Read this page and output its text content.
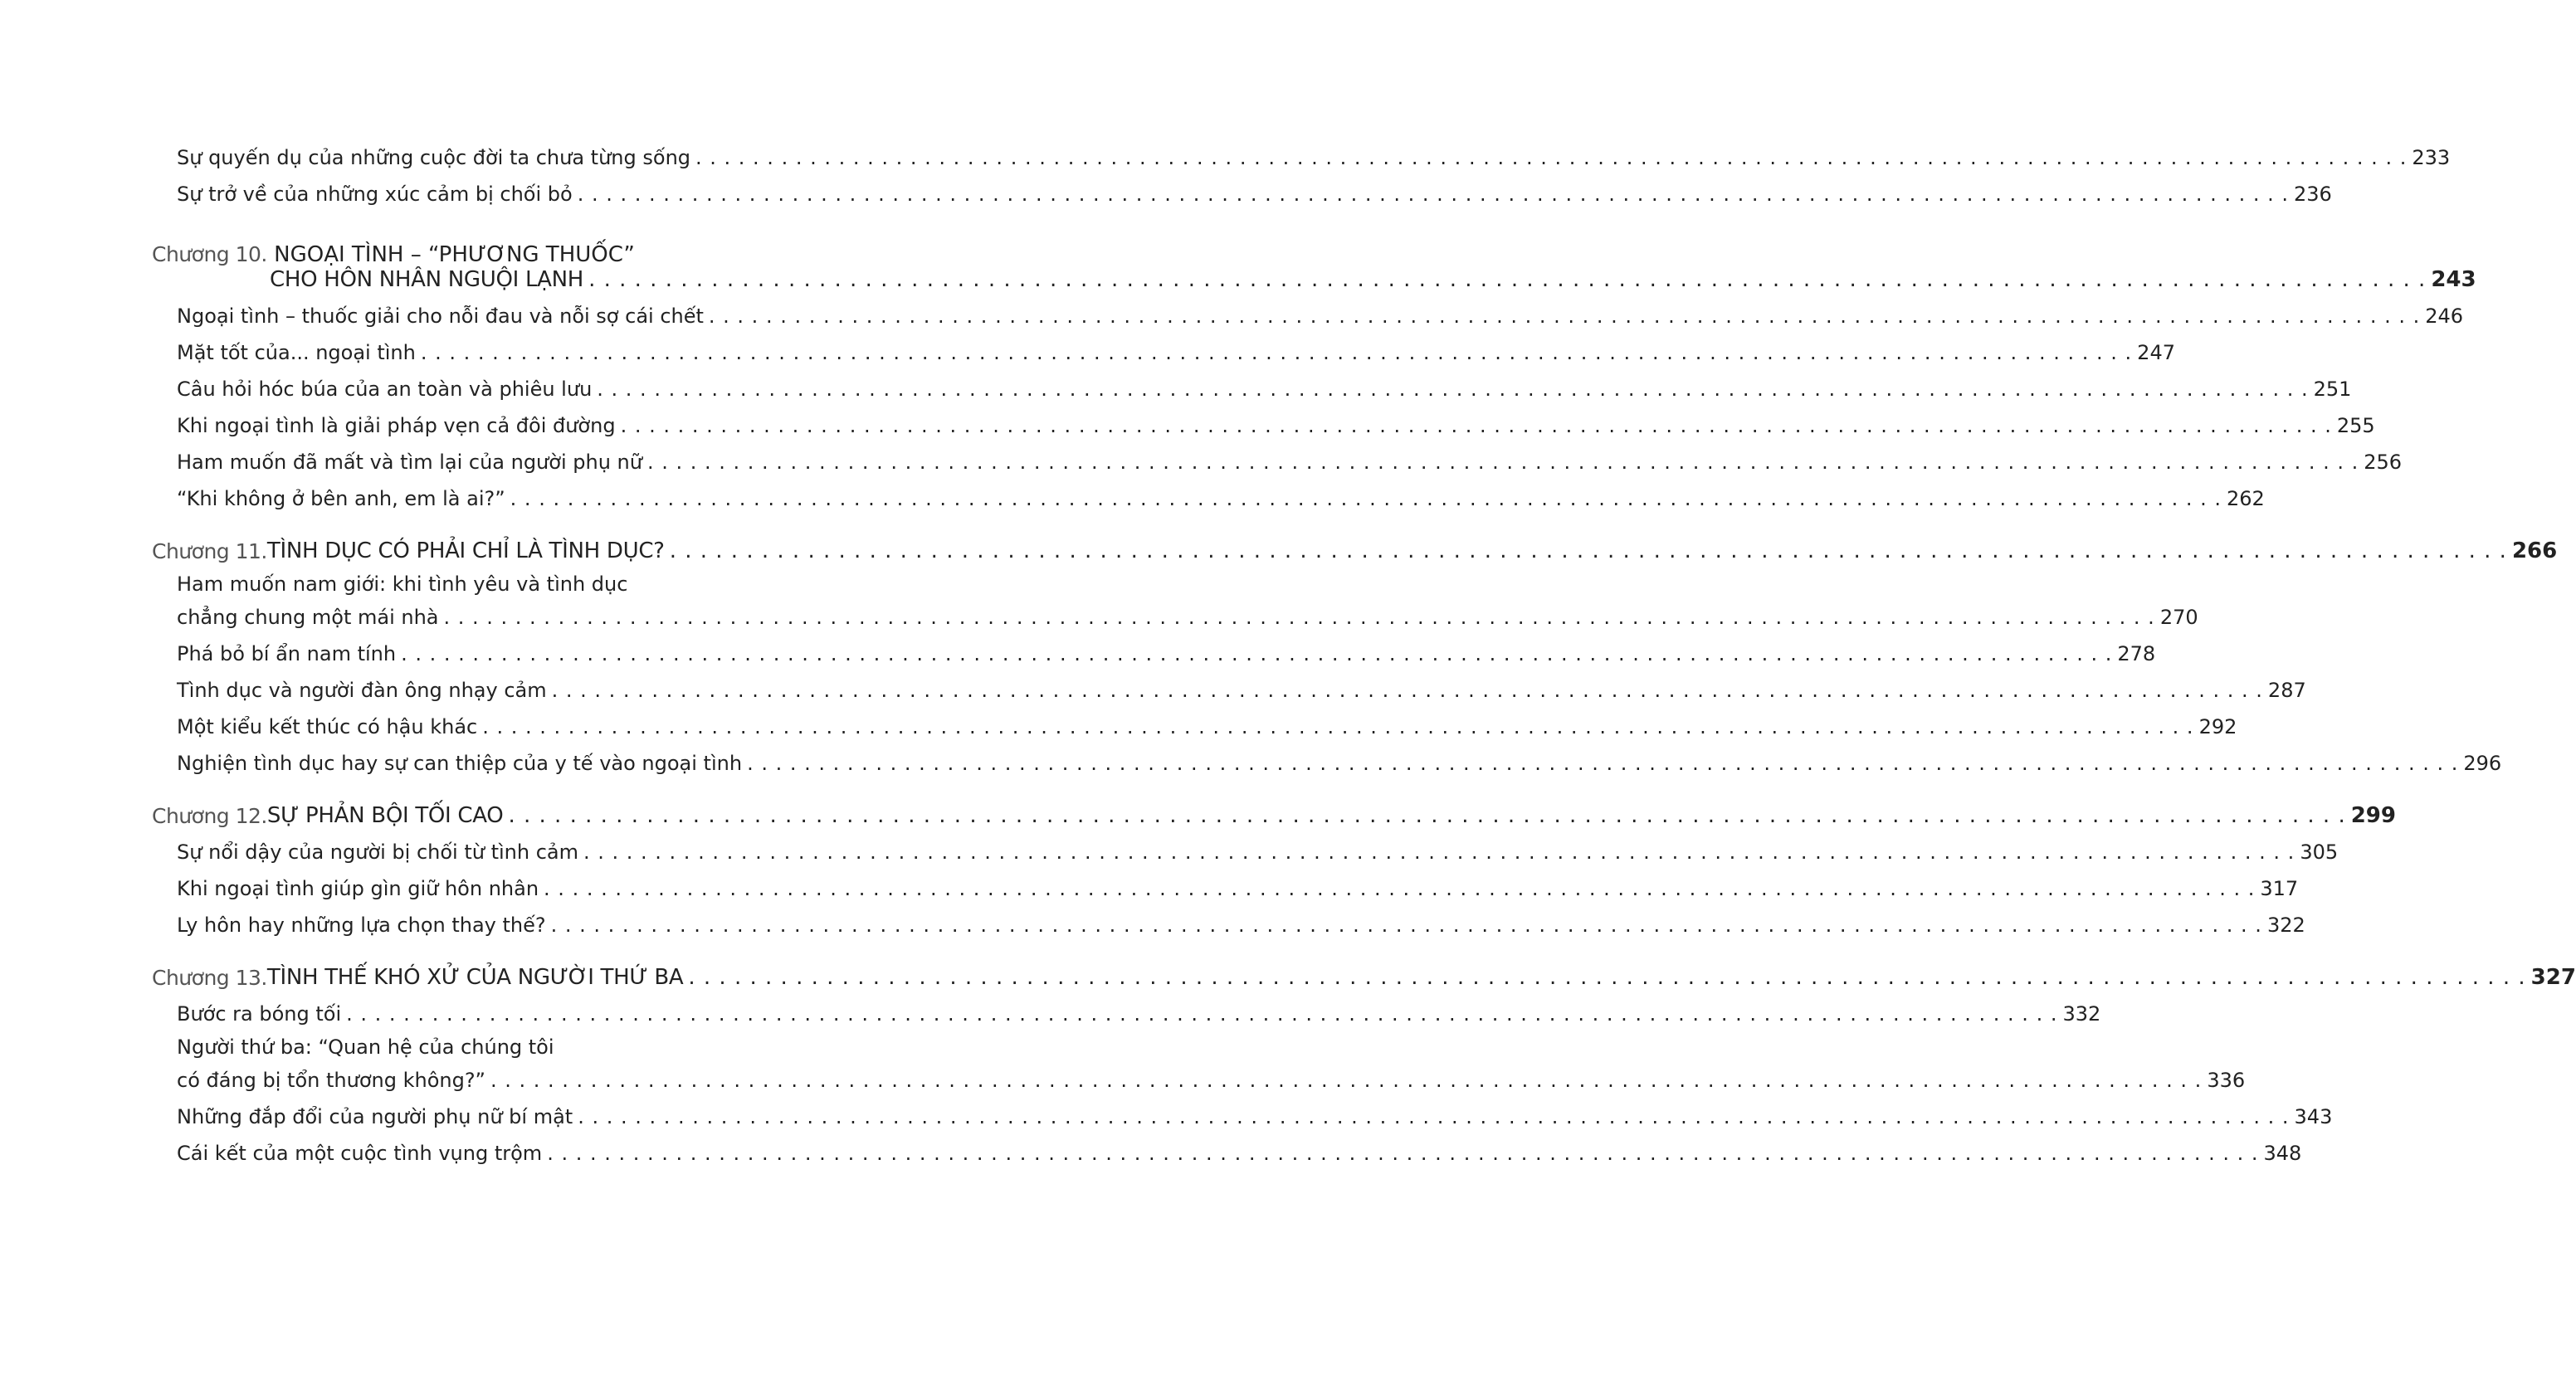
Sự quyến dụ của những cuộc đời ta chưa từng sống . . . . . . . . . . . . . . . . . . . . . . . . . . . . . . . . . . . . . . . . . . . . . . . . . . . . . . . . . . . . . . . . . . . . . . . . . . . . . . . . . . . . . . . . . . . . . . . . . . . . . . . . . . . . . . . . . . . . . . . . 233
Sự trở về của những xúc cảm bị chối bỏ . . . . . . . . . . . . . . . . . . . . . . . . . . . . . . . . . . . . . . . . . . . . . . . . . . . . . . . . . . . . . . . . . . . . . . . . . . . . . . . . . . . . . . . . . . . . . . . . . . . . . . . . . . . . . . . . . . . . . . . . 236
Chương 10. NGOẠI TÌNH – “PHƯƠNG THUỐC”
CHO HÔN NHÂN NGUỘI LẠNH . . . . . . . . . . . . . . . . . . . . . . . . . . . . . . . . . . . . . . . . . . . . . . . . . . . . . . . . . . . . . . . . . . . . . . . . . . . . . . . . . . . . . . . . . . . . . . . . . . . . . . . . . . . . . . . . . . . . . . . . 243
Ngoại tình – thuốc giải cho nỗi đau và nỗi sợ cái chết . . . . . . . . . . . . . . . . . . . . . . . . . . . . . . . . . . . . . . . . . . . . . . . . . . . . . . . . . . . . . . . . . . . . . . . . . . . . . . . . . . . . . . . . . . . . . . . . . . . . . . . . . . . . . . . . . . . . . . . . 246
Mặt tốt của... ngoại tình . . . . . . . . . . . . . . . . . . . . . . . . . . . . . . . . . . . . . . . . . . . . . . . . . . . . . . . . . . . . . . . . . . . . . . . . . . . . . . . . . . . . . . . . . . . . . . . . . . . . . . . . . . . . . . . . . . . . . . . . 247
Câu hỏi hóc búa của an toàn và phiêu lưu . . . . . . . . . . . . . . . . . . . . . . . . . . . . . . . . . . . . . . . . . . . . . . . . . . . . . . . . . . . . . . . . . . . . . . . . . . . . . . . . . . . . . . . . . . . . . . . . . . . . . . . . . . . . . . . . . . . . . . . . 251
Khi ngoại tình là giải pháp vẹn cả đôi đường . . . . . . . . . . . . . . . . . . . . . . . . . . . . . . . . . . . . . . . . . . . . . . . . . . . . . . . . . . . . . . . . . . . . . . . . . . . . . . . . . . . . . . . . . . . . . . . . . . . . . . . . . . . . . . . . . . . . . . . . 255
Ham muốn đã mất và tìm lại của người phụ nữ . . . . . . . . . . . . . . . . . . . . . . . . . . . . . . . . . . . . . . . . . . . . . . . . . . . . . . . . . . . . . . . . . . . . . . . . . . . . . . . . . . . . . . . . . . . . . . . . . . . . . . . . . . . . . . . . . . . . . . . . 256
“Khi không ở bên anh, em là ai?” . . . . . . . . . . . . . . . . . . . . . . . . . . . . . . . . . . . . . . . . . . . . . . . . . . . . . . . . . . . . . . . . . . . . . . . . . . . . . . . . . . . . . . . . . . . . . . . . . . . . . . . . . . . . . . . . . . . . . . . . 262
Chương 11. TÌNH DỤC CÓ PHẢI CHỈ LÀ TÌNH DỤC? . . . . . . . . . . . . . . . . . . . . . . . . . . . . . . . . . . . . . . . . . . . . . . . . . . . . . . . . . . . . . . . . . . . . . . . . . . . . . . . . . . . . . . . . . . . . . . . . . . . . . . . . . . . . . . . . . . . . . . . . 266
Ham muốn nam giới: khi tình yêu và tình dục
chẳng chung một mái nhà . . . . . . . . . . . . . . . . . . . . . . . . . . . . . . . . . . . . . . . . . . . . . . . . . . . . . . . . . . . . . . . . . . . . . . . . . . . . . . . . . . . . . . . . . . . . . . . . . . . . . . . . . . . . . . . . . . . . . . . . 270
Phá bỏ bí ẩn nam tính . . . . . . . . . . . . . . . . . . . . . . . . . . . . . . . . . . . . . . . . . . . . . . . . . . . . . . . . . . . . . . . . . . . . . . . . . . . . . . . . . . . . . . . . . . . . . . . . . . . . . . . . . . . . . . . . . . . . . . . . 278
Tình dục và người đàn ông nhạy cảm . . . . . . . . . . . . . . . . . . . . . . . . . . . . . . . . . . . . . . . . . . . . . . . . . . . . . . . . . . . . . . . . . . . . . . . . . . . . . . . . . . . . . . . . . . . . . . . . . . . . . . . . . . . . . . . . . . . . . . . . 287
Một kiểu kết thúc có hậu khác . . . . . . . . . . . . . . . . . . . . . . . . . . . . . . . . . . . . . . . . . . . . . . . . . . . . . . . . . . . . . . . . . . . . . . . . . . . . . . . . . . . . . . . . . . . . . . . . . . . . . . . . . . . . . . . . . . . . . . . . 292
Nghiện tình dục hay sự can thiệp của y tế vào ngoại tình . . . . . . . . . . . . . . . . . . . . . . . . . . . . . . . . . . . . . . . . . . . . . . . . . . . . . . . . . . . . . . . . . . . . . . . . . . . . . . . . . . . . . . . . . . . . . . . . . . . . . . . . . . . . . . . . . . . . . . . . 296
Chương 12. SỰ PHẢN BỘI TỐI CAO . . . . . . . . . . . . . . . . . . . . . . . . . . . . . . . . . . . . . . . . . . . . . . . . . . . . . . . . . . . . . . . . . . . . . . . . . . . . . . . . . . . . . . . . . . . . . . . . . . . . . . . . . . . . . . . . . . . . . . . . 299
Sự nổi dậy của người bị chối từ tình cảm . . . . . . . . . . . . . . . . . . . . . . . . . . . . . . . . . . . . . . . . . . . . . . . . . . . . . . . . . . . . . . . . . . . . . . . . . . . . . . . . . . . . . . . . . . . . . . . . . . . . . . . . . . . . . . . . . . . . . . . . 305
Khi ngoại tình giúp gìn giữ hôn nhân . . . . . . . . . . . . . . . . . . . . . . . . . . . . . . . . . . . . . . . . . . . . . . . . . . . . . . . . . . . . . . . . . . . . . . . . . . . . . . . . . . . . . . . . . . . . . . . . . . . . . . . . . . . . . . . . . . . . . . . . 317
Ly hôn hay những lựa chọn thay thế? . . . . . . . . . . . . . . . . . . . . . . . . . . . . . . . . . . . . . . . . . . . . . . . . . . . . . . . . . . . . . . . . . . . . . . . . . . . . . . . . . . . . . . . . . . . . . . . . . . . . . . . . . . . . . . . . . . . . . . . . 322
Chương 13. TÌNH THẾ KHÓ XỬ CỦA NGƯỜI THỨ BA . . . . . . . . . . . . . . . . . . . . . . . . . . . . . . . . . . . . . . . . . . . . . . . . . . . . . . . . . . . . . . . . . . . . . . . . . . . . . . . . . . . . . . . . . . . . . . . . . . . . . . . . . . . . . . . . . . . . . . . . 327
Bước ra bóng tối . . . . . . . . . . . . . . . . . . . . . . . . . . . . . . . . . . . . . . . . . . . . . . . . . . . . . . . . . . . . . . . . . . . . . . . . . . . . . . . . . . . . . . . . . . . . . . . . . . . . . . . . . . . . . . . . . . . . . . . . 332
Người thứ ba: “Quan hệ của chúng tôi
có đáng bị tổn thương không?” . . . . . . . . . . . . . . . . . . . . . . . . . . . . . . . . . . . . . . . . . . . . . . . . . . . . . . . . . . . . . . . . . . . . . . . . . . . . . . . . . . . . . . . . . . . . . . . . . . . . . . . . . . . . . . . . . . . . . . . . 336
Những đắp đổi của người phụ nữ bí mật . . . . . . . . . . . . . . . . . . . . . . . . . . . . . . . . . . . . . . . . . . . . . . . . . . . . . . . . . . . . . . . . . . . . . . . . . . . . . . . . . . . . . . . . . . . . . . . . . . . . . . . . . . . . . . . . . . . . . . . . 343
Cái kết của một cuộc tình vụng trộm . . . . . . . . . . . . . . . . . . . . . . . . . . . . . . . . . . . . . . . . . . . . . . . . . . . . . . . . . . . . . . . . . . . . . . . . . . . . . . . . . . . . . . . . . . . . . . . . . . . . . . . . . . . . . . . . . . . . . . . . 348
